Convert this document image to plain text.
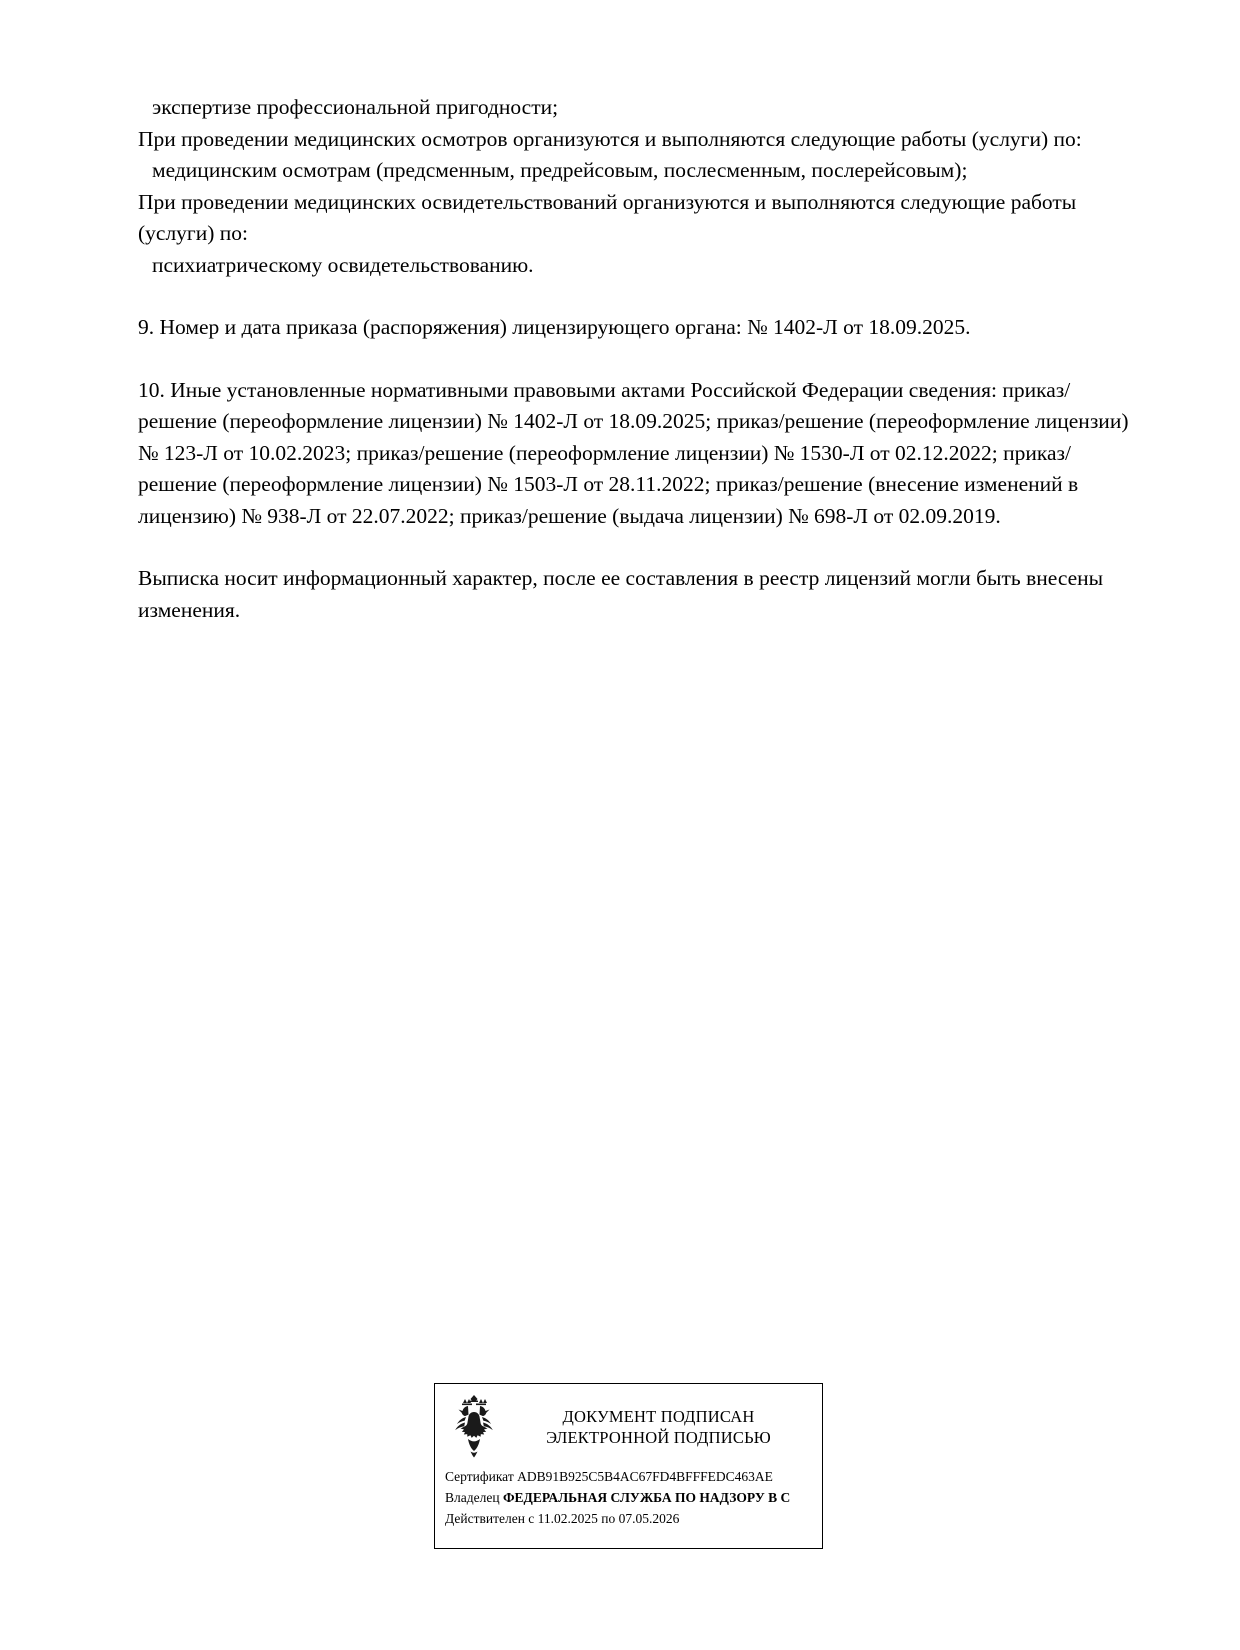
экспертизе профессиональной пригодности;

При проведении медицинских осмотров организуются и выполняются следующие работы (услуги) по:

медицинским осмотрам (предсменным, предрейсовым, послесменным, послерейсовым);

При проведении медицинских освидетельствований организуются и выполняются следующие работы (услуги) по:

психиатрическому освидетельствованию.

9. Номер и дата приказа (распоряжения) лицензирующего органа: № 1402-Л от 18.09.2025.

10. Иные установленные нормативными правовыми актами Российской Федерации сведения: приказ/решение (переоформление лицензии) № 1402-Л от 18.09.2025; приказ/решение (переоформление лицензии) № 123-Л от 10.02.2023; приказ/решение (переоформление лицензии) № 1530-Л от 02.12.2022; приказ/решение (переоформление лицензии) № 1503-Л от 28.11.2022; приказ/решение (внесение изменений в лицензию) № 938-Л от 22.07.2022; приказ/решение (выдача лицензии) № 698-Л от 02.09.2019.

Выписка носит информационный характер, после ее составления в реестр лицензий могли быть внесены изменения.

ДОКУМЕНТ ПОДПИСАН
ЭЛЕКТРОННОЙ ПОДПИСЬЮ
Сертификат ADB91B925C5B4AC67FD4BFFFEDC463AE
Владелец ФЕДЕРАЛЬНАЯ СЛУЖБА ПО НАДЗОРУ В С
Действителен с 11.02.2025 по 07.05.2026
